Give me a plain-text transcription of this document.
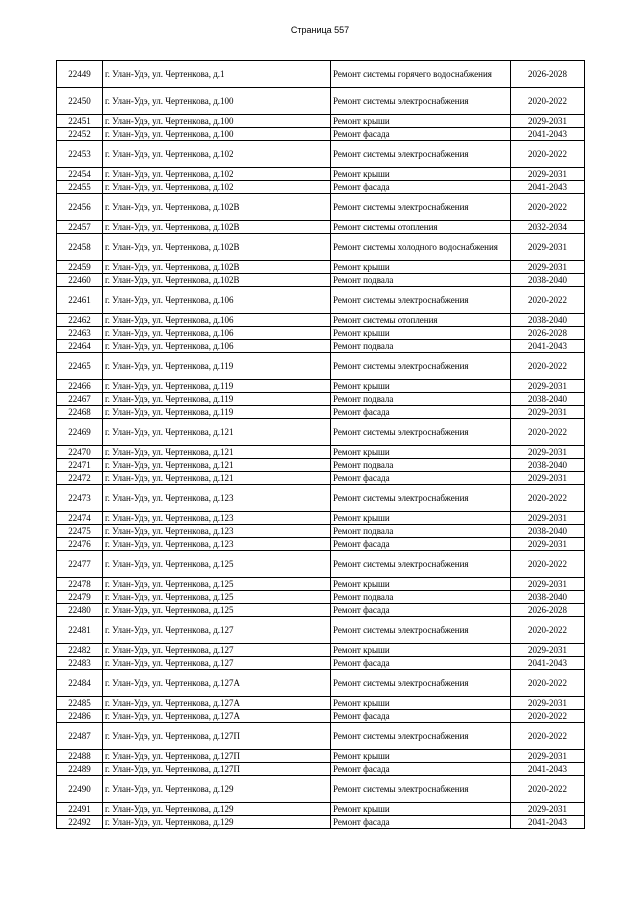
Страница 557
22449	г. Улан-Удэ, ул. Чертенкова, д.1	Ремонт системы горячего водоснабжения	2026-2028
22450	г. Улан-Удэ, ул. Чертенкова, д.100	Ремонт системы электроснабжения	2020-2022
22451	г. Улан-Удэ, ул. Чертенкова, д.100	Ремонт крыши	2029-2031
22452	г. Улан-Удэ, ул. Чертенкова, д.100	Ремонт фасада	2041-2043
22453	г. Улан-Удэ, ул. Чертенкова, д.102	Ремонт системы электроснабжения	2020-2022
22454	г. Улан-Удэ, ул. Чертенкова, д.102	Ремонт крыши	2029-2031
22455	г. Улан-Удэ, ул. Чертенкова, д.102	Ремонт фасада	2041-2043
22456	г. Улан-Удэ, ул. Чертенкова, д.102В	Ремонт системы электроснабжения	2020-2022
22457	г. Улан-Удэ, ул. Чертенкова, д.102В	Ремонт системы отопления	2032-2034
22458	г. Улан-Удэ, ул. Чертенкова, д.102В	Ремонт системы холодного водоснабжения	2029-2031
22459	г. Улан-Удэ, ул. Чертенкова, д.102В	Ремонт крыши	2029-2031
22460	г. Улан-Удэ, ул. Чертенкова, д.102В	Ремонт подвала	2038-2040
22461	г. Улан-Удэ, ул. Чертенкова, д.106	Ремонт системы электроснабжения	2020-2022
22462	г. Улан-Удэ, ул. Чертенкова, д.106	Ремонт системы отопления	2038-2040
22463	г. Улан-Удэ, ул. Чертенкова, д.106	Ремонт крыши	2026-2028
22464	г. Улан-Удэ, ул. Чертенкова, д.106	Ремонт подвала	2041-2043
22465	г. Улан-Удэ, ул. Чертенкова, д.119	Ремонт системы электроснабжения	2020-2022
22466	г. Улан-Удэ, ул. Чертенкова, д.119	Ремонт крыши	2029-2031
22467	г. Улан-Удэ, ул. Чертенкова, д.119	Ремонт подвала	2038-2040
22468	г. Улан-Удэ, ул. Чертенкова, д.119	Ремонт фасада	2029-2031
22469	г. Улан-Удэ, ул. Чертенкова, д.121	Ремонт системы электроснабжения	2020-2022
22470	г. Улан-Удэ, ул. Чертенкова, д.121	Ремонт крыши	2029-2031
22471	г. Улан-Удэ, ул. Чертенкова, д.121	Ремонт подвала	2038-2040
22472	г. Улан-Удэ, ул. Чертенкова, д.121	Ремонт фасада	2029-2031
22473	г. Улан-Удэ, ул. Чертенкова, д.123	Ремонт системы электроснабжения	2020-2022
22474	г. Улан-Удэ, ул. Чертенкова, д.123	Ремонт крыши	2029-2031
22475	г. Улан-Удэ, ул. Чертенкова, д.123	Ремонт подвала	2038-2040
22476	г. Улан-Удэ, ул. Чертенкова, д.123	Ремонт фасада	2029-2031
22477	г. Улан-Удэ, ул. Чертенкова, д.125	Ремонт системы электроснабжения	2020-2022
22478	г. Улан-Удэ, ул. Чертенкова, д.125	Ремонт крыши	2029-2031
22479	г. Улан-Удэ, ул. Чертенкова, д.125	Ремонт подвала	2038-2040
22480	г. Улан-Удэ, ул. Чертенкова, д.125	Ремонт фасада	2026-2028
22481	г. Улан-Удэ, ул. Чертенкова, д.127	Ремонт системы электроснабжения	2020-2022
22482	г. Улан-Удэ, ул. Чертенкова, д.127	Ремонт крыши	2029-2031
22483	г. Улан-Удэ, ул. Чертенкова, д.127	Ремонт фасада	2041-2043
22484	г. Улан-Удэ, ул. Чертенкова, д.127А	Ремонт системы электроснабжения	2020-2022
22485	г. Улан-Удэ, ул. Чертенкова, д.127А	Ремонт крыши	2029-2031
22486	г. Улан-Удэ, ул. Чертенкова, д.127А	Ремонт фасада	2020-2022
22487	г. Улан-Удэ, ул. Чертенкова, д.127П	Ремонт системы электроснабжения	2020-2022
22488	г. Улан-Удэ, ул. Чертенкова, д.127П	Ремонт крыши	2029-2031
22489	г. Улан-Удэ, ул. Чертенкова, д.127П	Ремонт фасада	2041-2043
22490	г. Улан-Удэ, ул. Чертенкова, д.129	Ремонт системы электроснабжения	2020-2022
22491	г. Улан-Удэ, ул. Чертенкова, д.129	Ремонт крыши	2029-2031
22492	г. Улан-Удэ, ул. Чертенкова, д.129	Ремонт фасада	2041-2043
